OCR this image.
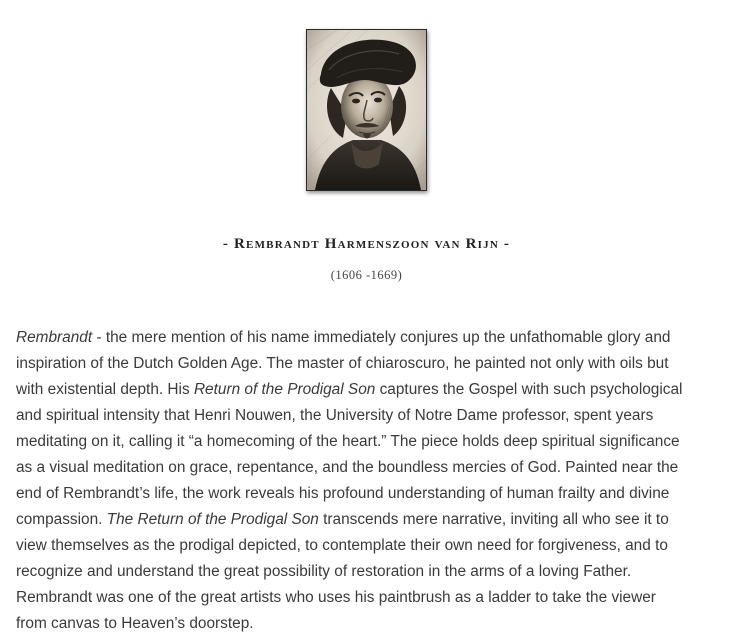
- Rembrandt Harmenszoon van Rijn -
(1606 -1669)

Rembrandt - the mere mention of his name immediately conjures up the unfathomable glory and
inspiration of the Dutch Golden Age. The master of chiaroscuro, he painted not only with oils but
with existential depth. His Return of the Prodigal Son captures the Gospel with such psychological
and spiritual intensity that Henri Nouwen, the University of Notre Dame professor, spent years
meditating on it, calling it “a homecoming of the heart.” The piece holds deep spiritual significance
as a visual meditation on grace, repentance, and the boundless mercies of God. Painted near the
end of Rembrandt’s life, the work reveals his profound understanding of human frailty and divine
compassion. The Return of the Prodigal Son transcends mere narrative, inviting all who see it to
view themselves as the prodigal depicted, to contemplate their own need for forgiveness, and to
recognize and understand the great possibility of restoration in the arms of a loving Father.
Rembrandt was one of the great artists who uses his paintbrush as a ladder to take the viewer
from canvas to Heaven’s doorstep.
